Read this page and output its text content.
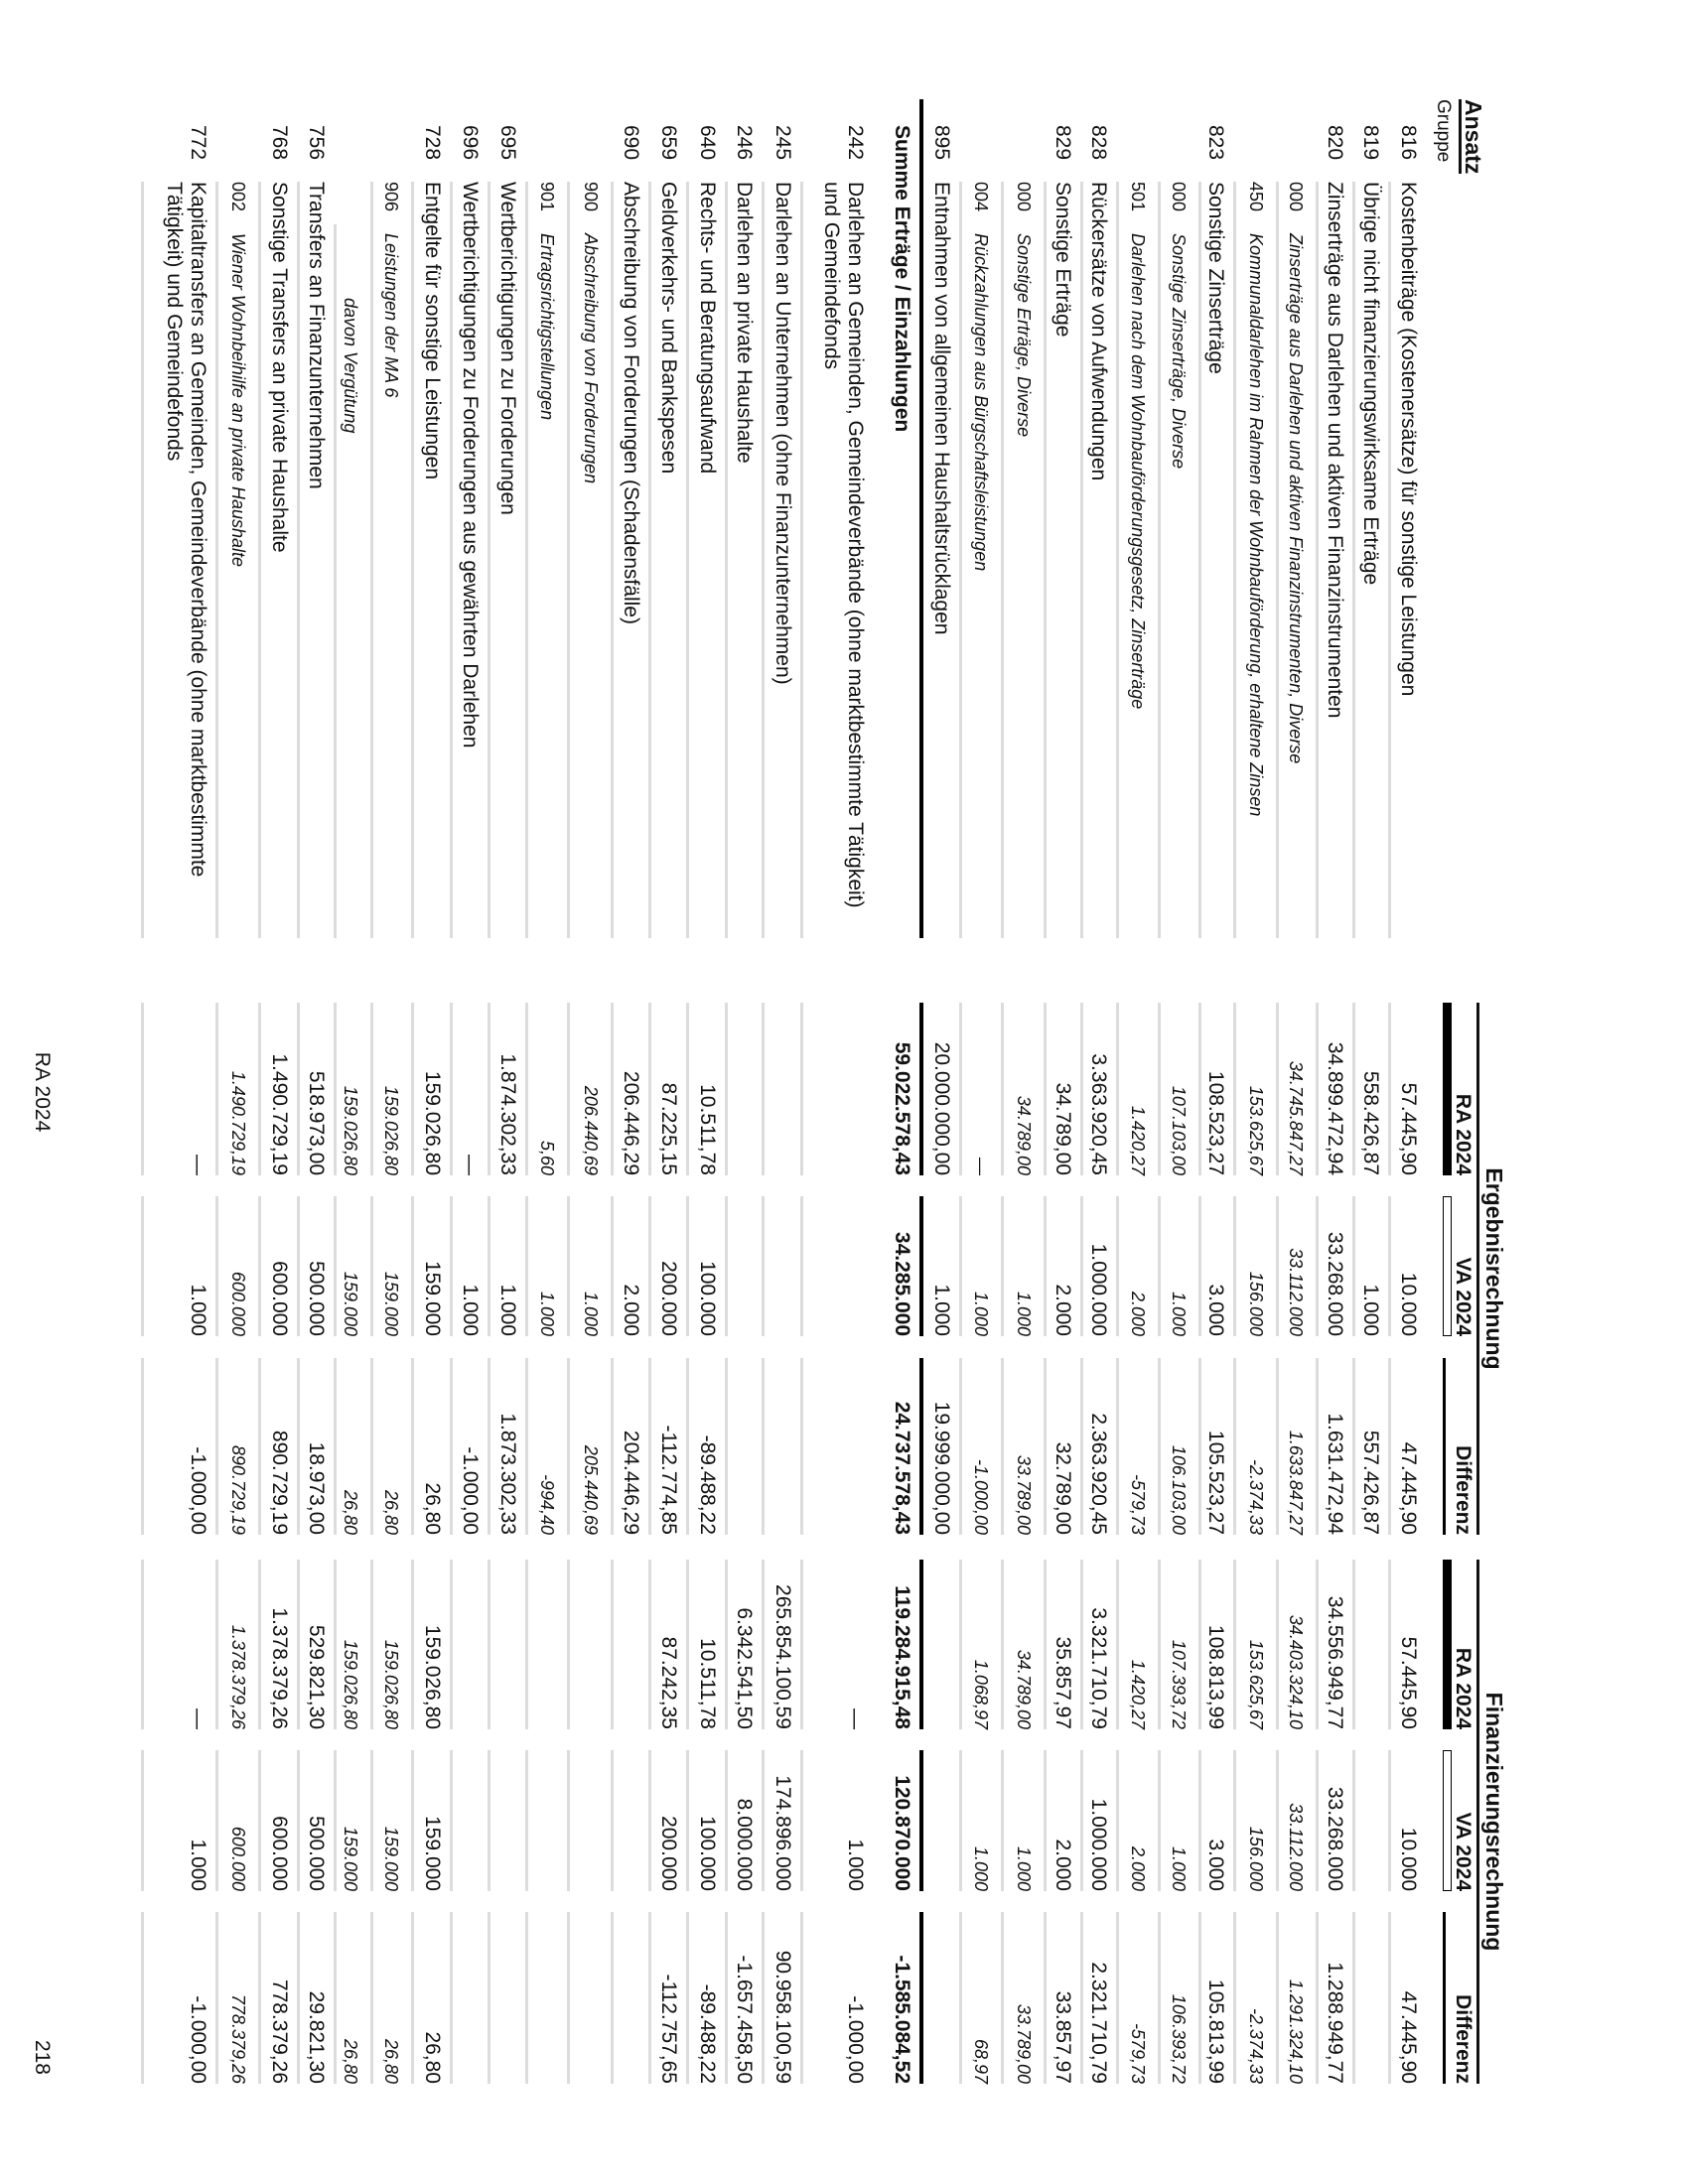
Ansatz
Gruppe
Ergebnisrechnung
RA 2024
VA 2024
Differenz
Finanzierungsrechnung
RA 2024
VA 2024
Differenz
816
Kostenbeiträge (Kostenersätze) für sonstige Leistungen
57.445,90
10.000
47.445,90
57.445,90
10.000
47.445,90
819
Übrige nicht finanzierungswirksame Erträge
558.426,87
1.000
557.426,87
820
Zinserträge aus Darlehen und aktiven Finanzinstrumenten
34.899.472,94
33.268.000
1.631.472,94
34.556.949,77
33.268.000
1.288.949,77
000
Zinserträge aus Darlehen und aktiven Finanzinstrumenten, Diverse
34.745.847,27
33.112.000
1.633.847,27
34.403.324,10
33.112.000
1.291.324,10
450
Kommunaldarlehen im Rahmen der Wohnbauförderung, erhaltene Zinsen
153.625,67
156.000
-2.374,33
153.625,67
156.000
-2.374,33
823
Sonstige Zinserträge
108.523,27
3.000
105.523,27
108.813,99
3.000
105.813,99
000
Sonstige Zinserträge, Diverse
107.103,00
1.000
106.103,00
107.393,72
1.000
106.393,72
501
Darlehen nach dem Wohnbauförderungsgesetz, Zinserträge
1.420,27
2.000
-579,73
1.420,27
2.000
-579,73
828
Rückersätze von Aufwendungen
3.363.920,45
1.000.000
2.363.920,45
3.321.710,79
1.000.000
2.321.710,79
829
Sonstige Erträge
34.789,00
2.000
32.789,00
35.857,97
2.000
33.857,97
000
Sonstige Erträge, Diverse
34.789,00
1.000
33.789,00
34.789,00
1.000
33.789,00
004
Rückzahlungen aus Bürgschaftsleistungen
—
1.000
-1.000,00
1.068,97
1.000
68,97
895
Entnahmen von allgemeinen Haushaltsrücklagen
20.000.000,00
1.000
19.999.000,00
Summe Erträge / Einzahlungen
59.022.578,43
34.285.000
24.737.578,43
119.284.915,48
120.870.000
-1.585.084,52
242
Darlehen an Gemeinden, Gemeindeverbände (ohne marktbestimmte Tätigkeit)
und Gemeindefonds
—
1.000
-1.000,00
245
Darlehen an Unternehmen (ohne Finanzunternehmen)
265.854.100,59
174.896.000
90.958.100,59
246
Darlehen an private Haushalte
6.342.541,50
8.000.000
-1.657.458,50
640
Rechts- und Beratungsaufwand
10.511,78
100.000
-89.488,22
10.511,78
100.000
-89.488,22
659
Geldverkehrs- und Bankspesen
87.225,15
200.000
-112.774,85
87.242,35
200.000
-112.757,65
690
Abschreibung von Forderungen (Schadensfälle)
206.446,29
2.000
204.446,29
900
Abschreibung von Forderungen
206.440,69
1.000
205.440,69
901
Ertragsrichtigstellungen
5,60
1.000
-994,40
695
Wertberichtigungen zu Forderungen
1.874.302,33
1.000
1.873.302,33
696
Wertberichtigungen zu Forderungen aus gewährten Darlehen
—
1.000
-1.000,00
728
Entgelte für sonstige Leistungen
159.026,80
159.000
26,80
159.026,80
159.000
26,80
906
Leistungen der MA 6
159.026,80
159.000
26,80
159.026,80
159.000
26,80
davon Vergütung
159.026,80
159.000
26,80
159.026,80
159.000
26,80
756
Transfers an Finanzunternehmen
518.973,00
500.000
18.973,00
529.821,30
500.000
29.821,30
768
Sonstige Transfers an private Haushalte
1.490.729,19
600.000
890.729,19
1.378.379,26
600.000
778.379,26
002
Wiener Wohnbeihilfe an private Haushalte
1.490.729,19
600.000
890.729,19
1.378.379,26
600.000
778.379,26
772
Kapitaltransfers an Gemeinden, Gemeindeverbände (ohne marktbestimmte
Tätigkeit) und Gemeindefonds
—
1.000
-1.000,00
—
1.000
-1.000,00
RA 2024
218
